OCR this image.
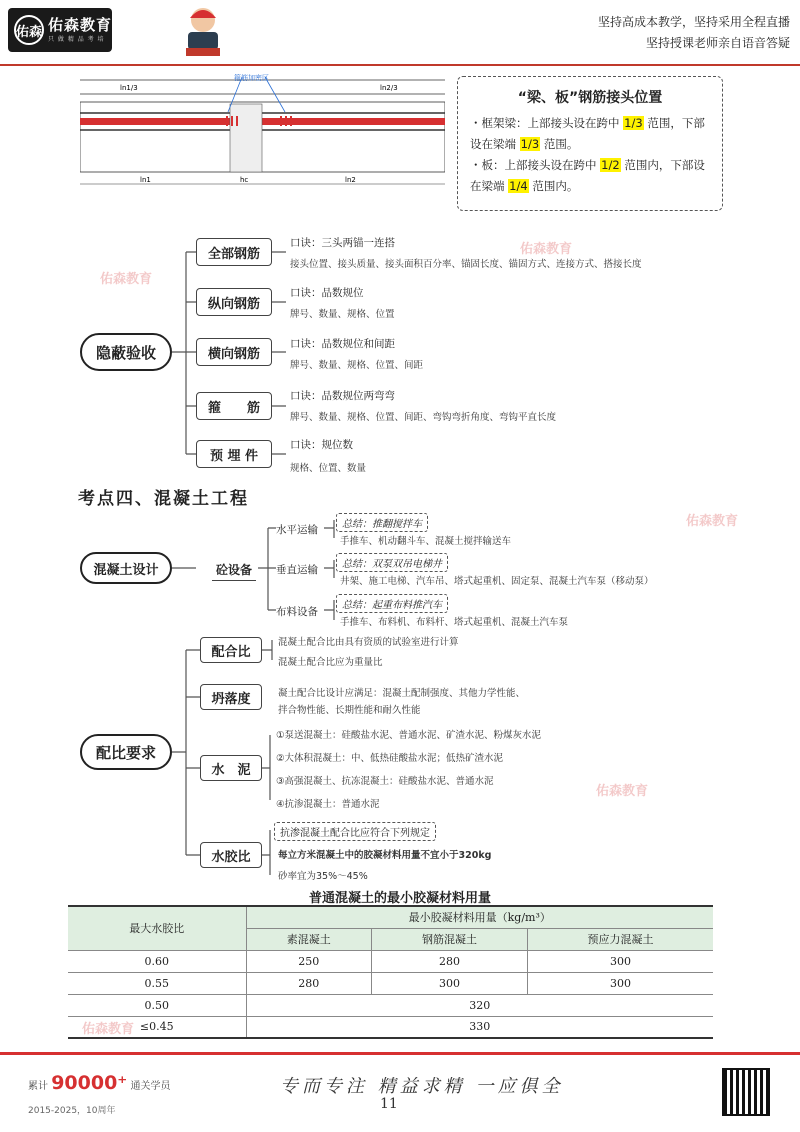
佑森 佑森教育
只 做 精 品 考 培
坚持高成本教学，坚持采用全程直播
坚持授课老师亲自语音答疑
箍筋加密区
ln1/3	ln2/3
ln1	hc	ln2
“梁、板”钢筋接头位置

・框架梁：上部接头设在跨中 1/3 范围，下部设在梁端 1/3 范围。

・板：上部接头设在跨中 1/2 范围内，下部设在梁端 1/4 范围内。

隐蔽验收
全部钢筋
口诀：三头两锚一连搭
接头位置、接头质量、接头面积百分率、锚固长度、锚固方式、连接方式、搭接长度
纵向钢筋
口诀：品数规位
牌号、数量、规格、位置
横向钢筋
口诀：品数规位和间距
牌号、数量、规格、位置、间距
箍　　筋
口诀：品数规位两弯弯
牌号、数量、规格、位置、间距、弯钩弯折角度、弯钩平直长度
预 埋 件
口诀：规位数
规格、位置、数量
考点四、混凝土工程
混凝土设计	砼设备
水平运输	总结：推翻搅拌车
手推车、机动翻斗车、混凝土搅拌输送车
垂直运输	总结：双泵双吊电梯井
井架、施工电梯、汽车吊、塔式起重机、固定泵、混凝土汽车泵（移动泵）
布料设备
总结：起重布料推汽车
手推车、布料机、布料杆、塔式起重机、混凝土汽车泵
配比要求
配合比
混凝土配合比由具有资质的试验室进行计算
混凝土配合比应为重量比
坍落度	凝土配合比设计应满足：混凝土配制强度、其他力学性能、
拌合物性能、长期性能和耐久性能
水　泥
①泵送混凝土：硅酸盐水泥、普通水泥、矿渣水泥、粉煤灰水泥
②大体积混凝土：中、低热硅酸盐水泥；低热矿渣水泥
③高强混凝土、抗冻混凝土：硅酸盐水泥、普通水泥
④抗渗混凝土：普通水泥
水胶比
抗渗混凝土配合比应符合下列规定
每立方米混凝土中的胶凝材料用量不宜小于320kg
砂率宜为35%～45%
普通混凝土的最小胶凝材料用量
最大水胶比	最小胶凝材料用量（kg/m³）		
	素混凝土	钢筋混凝土	预应力混凝土
0.60	250	280	300
0.55	280	300	300
0.50	320		
≤0.45	330		
佑森教育
佑森教育
佑森教育
佑森教育
佑森教育
累计 90000⁺ 通关学员
2015-2025，10周年
专而专注 精益求精 一应俱全
11
